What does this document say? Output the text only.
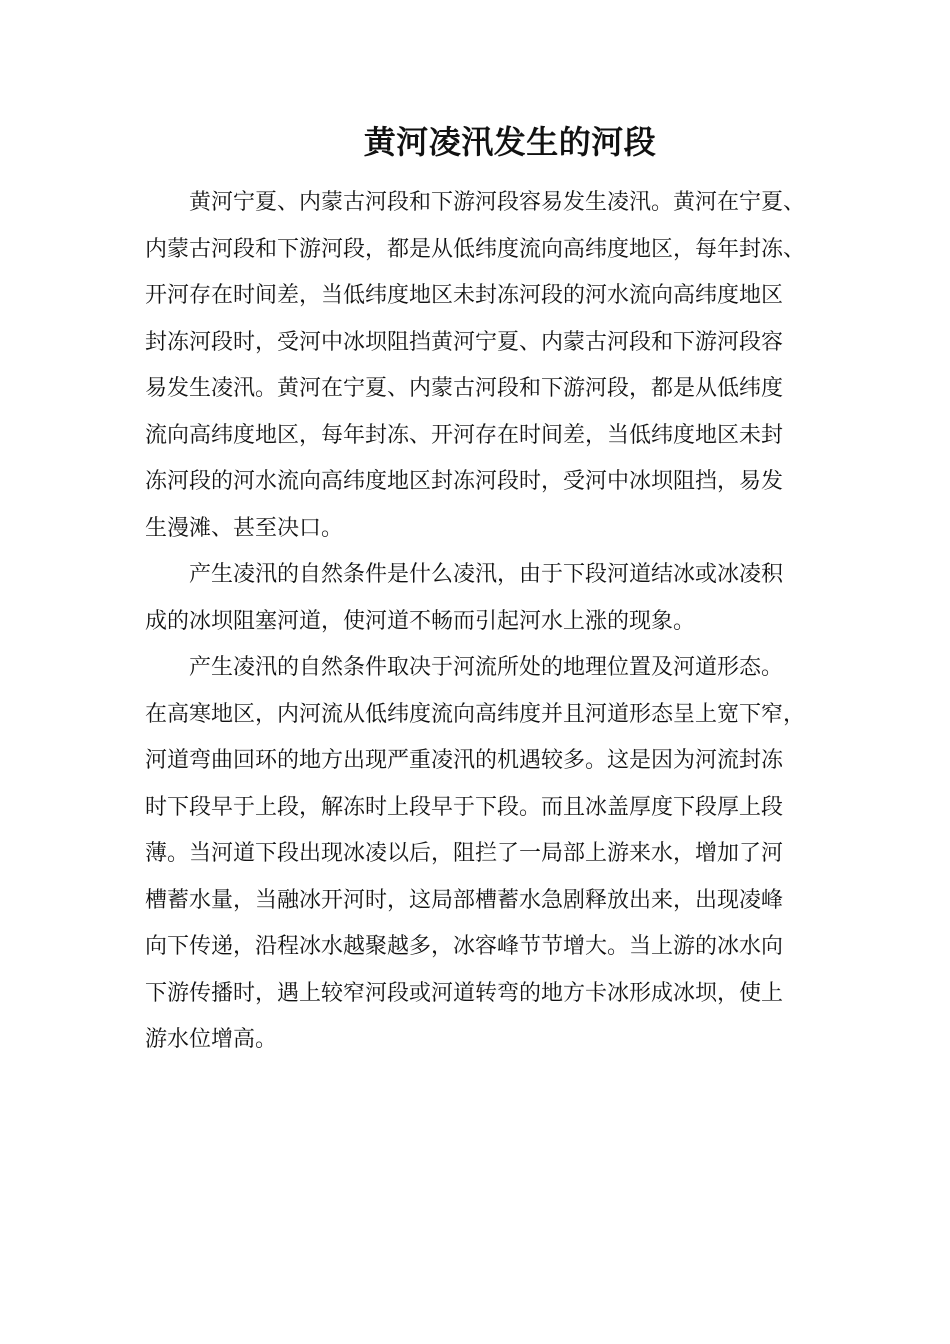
黄河凌汛发生的河段

黄河宁夏、内蒙古河段和下游河段容易发生凌汛。黄河在宁夏、
内蒙古河段和下游河段，都是从低纬度流向高纬度地区，每年封冻、
开河存在时间差，当低纬度地区未封冻河段的河水流向高纬度地区
封冻河段时，受河中冰坝阻挡黄河宁夏、内蒙古河段和下游河段容
易发生凌汛。黄河在宁夏、内蒙古河段和下游河段，都是从低纬度
流向高纬度地区，每年封冻、开河存在时间差，当低纬度地区未封
冻河段的河水流向高纬度地区封冻河段时，受河中冰坝阻挡，易发
生漫滩、甚至决口。

产生凌汛的自然条件是什么凌汛，由于下段河道结冰或冰凌积
成的冰坝阻塞河道，使河道不畅而引起河水上涨的现象。

产生凌汛的自然条件取决于河流所处的地理位置及河道形态。
在高寒地区，内河流从低纬度流向高纬度并且河道形态呈上宽下窄，
河道弯曲回环的地方出现严重凌汛的机遇较多。这是因为河流封冻
时下段早于上段，解冻时上段早于下段。而且冰盖厚度下段厚上段
薄。当河道下段出现冰凌以后，阻拦了一局部上游来水，增加了河
槽蓄水量，当融冰开河时，这局部槽蓄水急剧释放出来，出现凌峰
向下传递，沿程冰水越聚越多，冰容峰节节增大。当上游的冰水向
下游传播时，遇上较窄河段或河道转弯的地方卡冰形成冰坝，使上
游水位增高。
